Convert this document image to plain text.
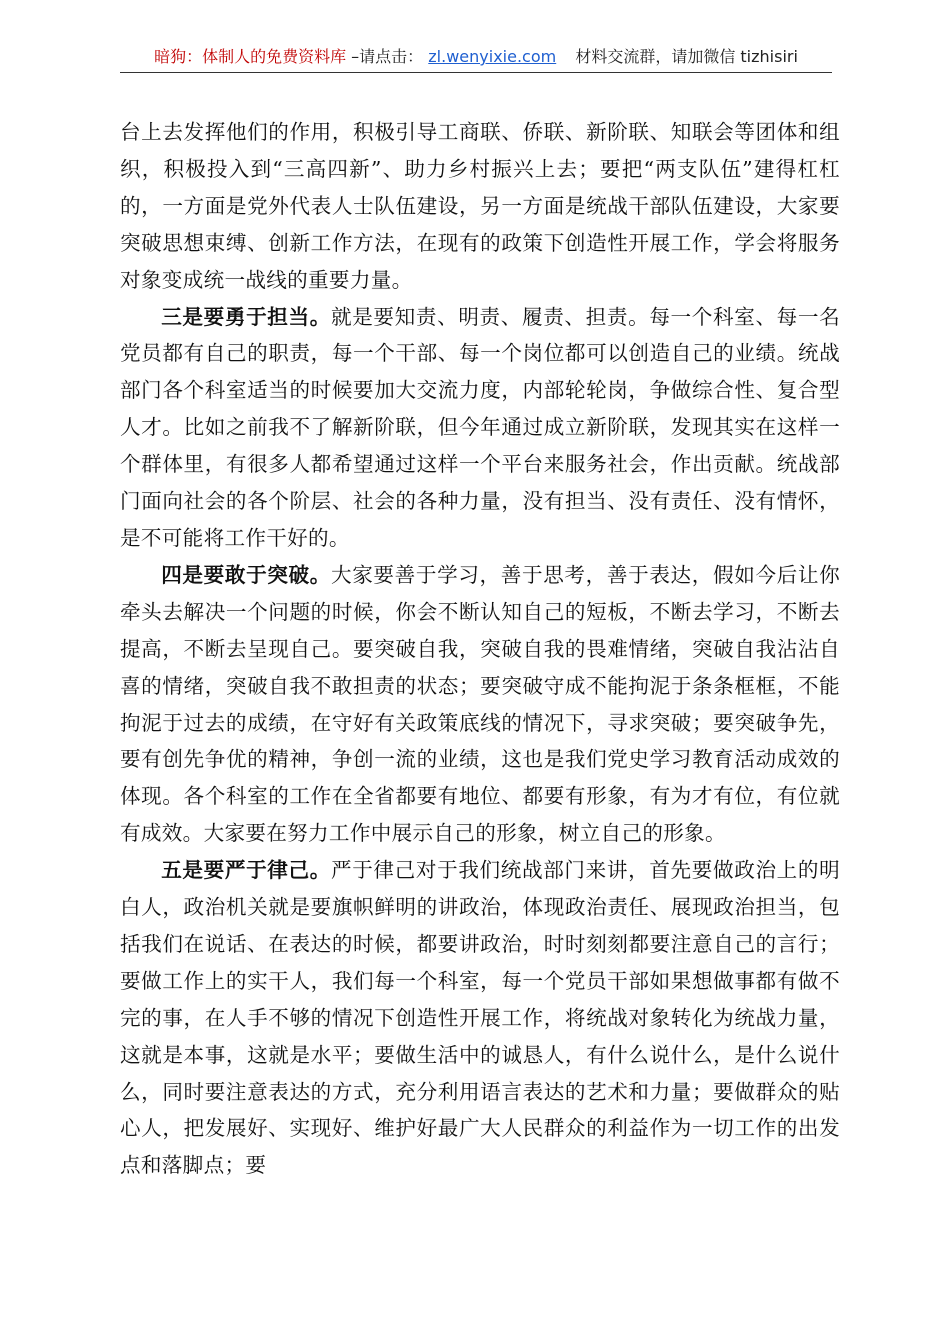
暗狗：体制人的免费资料库 –请点击： zl.wenyixie.com 材料交流群，请加微信 tizhisiri

台上去发挥他们的作用，积极引导工商联、侨联、新阶联、知联会等团体和组织，积极投入到“三高四新”、助力乡村振兴上去；要把“两支队伍”建得杠杠的，一方面是党外代表人士队伍建设，另一方面是统战干部队伍建设，大家要突破思想束缚、创新工作方法，在现有的政策下创造性开展工作，学会将服务对象变成统一战线的重要力量。

三是要勇于担当。就是要知责、明责、履责、担责。每一个科室、每一名党员都有自己的职责，每一个干部、每一个岗位都可以创造自己的业绩。统战部门各个科室适当的时候要加大交流力度，内部轮轮岗，争做综合性、复合型人才。比如之前我不了解新阶联，但今年通过成立新阶联，发现其实在这样一个群体里，有很多人都希望通过这样一个平台来服务社会，作出贡献。统战部门面向社会的各个阶层、社会的各种力量，没有担当、没有责任、没有情怀，是不可能将工作干好的。

四是要敢于突破。大家要善于学习，善于思考，善于表达，假如今后让你牵头去解决一个问题的时候，你会不断认知自己的短板，不断去学习，不断去提高，不断去呈现自己。要突破自我，突破自我的畏难情绪，突破自我沾沾自喜的情绪，突破自我不敢担责的状态；要突破守成不能拘泥于条条框框，不能拘泥于过去的成绩，在守好有关政策底线的情况下，寻求突破；要突破争先，要有创先争优的精神，争创一流的业绩，这也是我们党史学习教育活动成效的体现。各个科室的工作在全省都要有地位、都要有形象，有为才有位，有位就有成效。大家要在努力工作中展示自己的形象，树立自己的形象。

五是要严于律己。严于律己对于我们统战部门来讲，首先要做政治上的明白人，政治机关就是要旗帜鲜明的讲政治，体现政治责任、展现政治担当，包括我们在说话、在表达的时候，都要讲政治，时时刻刻都要注意自己的言行；要做工作上的实干人，我们每一个科室，每一个党员干部如果想做事都有做不完的事，在人手不够的情况下创造性开展工作，将统战对象转化为统战力量，这就是本事，这就是水平；要做生活中的诚恳人，有什么说什么，是什么说什么，同时要注意表达的方式，充分利用语言表达的艺术和力量；要做群众的贴心人，把发展好、实现好、维护好最广大人民群众的利益作为一切工作的出发点和落脚点；要
